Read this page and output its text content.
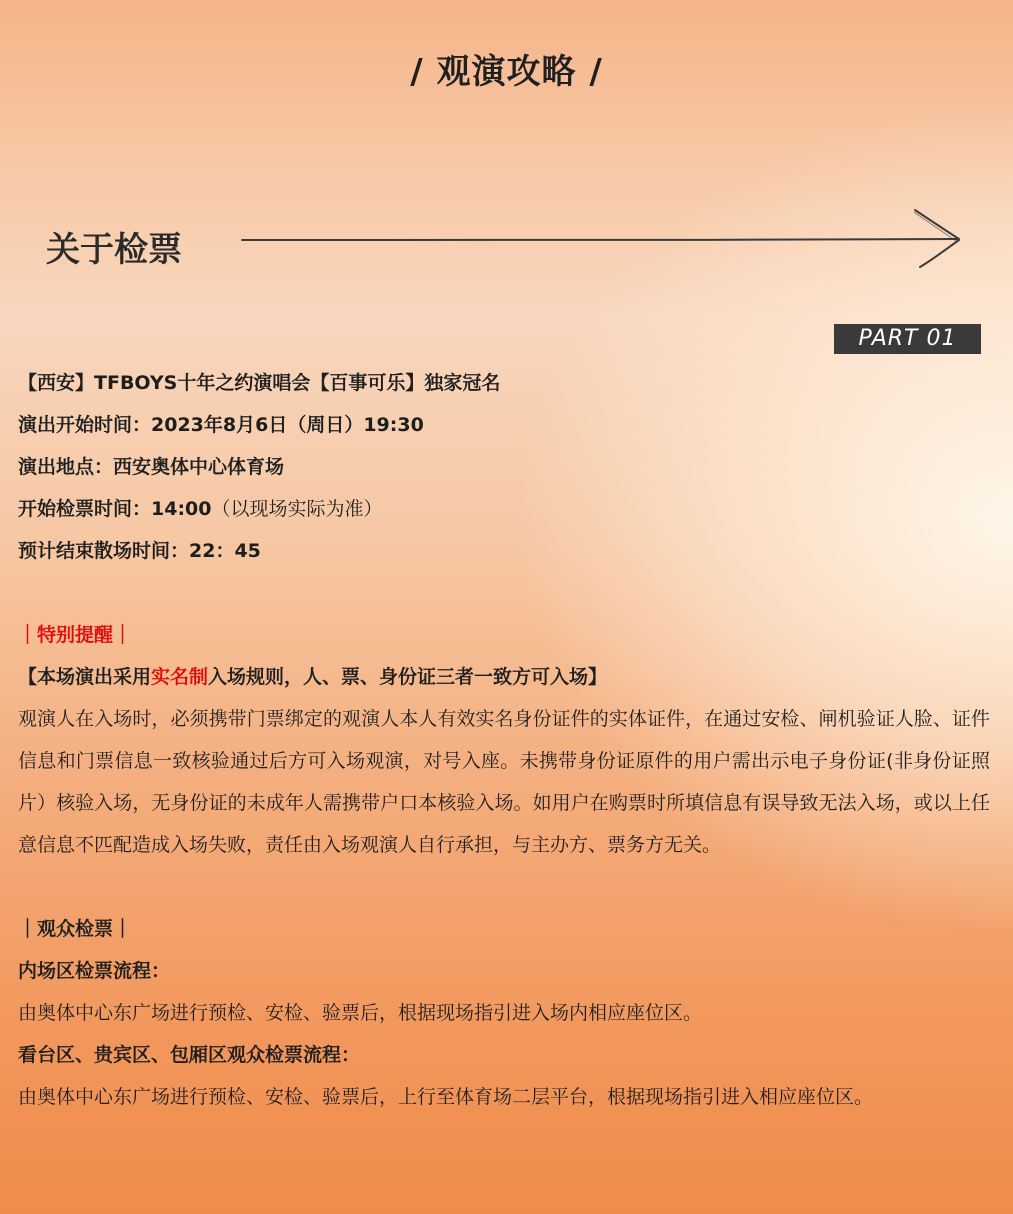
/ 观演攻略 /
关于检票
PART 01
【西安】TFBOYS十年之约演唱会【百事可乐】独家冠名
演出开始时间：2023年8月6日（周日）19:30
演出地点：西安奥体中心体育场
开始检票时间：14:00（以现场实际为准）
预计结束散场时间：22：45
｜特别提醒｜
【本场演出采用实名制入场规则，人、票、身份证三者一致方可入场】
观演人在入场时，必须携带门票绑定的观演人本人有效实名身份证件的实体证件，在通过安检、闸机验证人脸、证件信息和门票信息一致核验通过后方可入场观演，对号入座。未携带身份证原件的用户需出示电子身份证(非身份证照片）核验入场，无身份证的未成年人需携带户口本核验入场。如用户在购票时所填信息有误导致无法入场，或以上任意信息不匹配造成入场失败，责任由入场观演人自行承担，与主办方、票务方无关。
｜观众检票｜
内场区检票流程：
由奥体中心东广场进行预检、安检、验票后，根据现场指引进入场内相应座位区。
看台区、贵宾区、包厢区观众检票流程：
由奥体中心东广场进行预检、安检、验票后，上行至体育场二层平台，根据现场指引进入相应座位区。
